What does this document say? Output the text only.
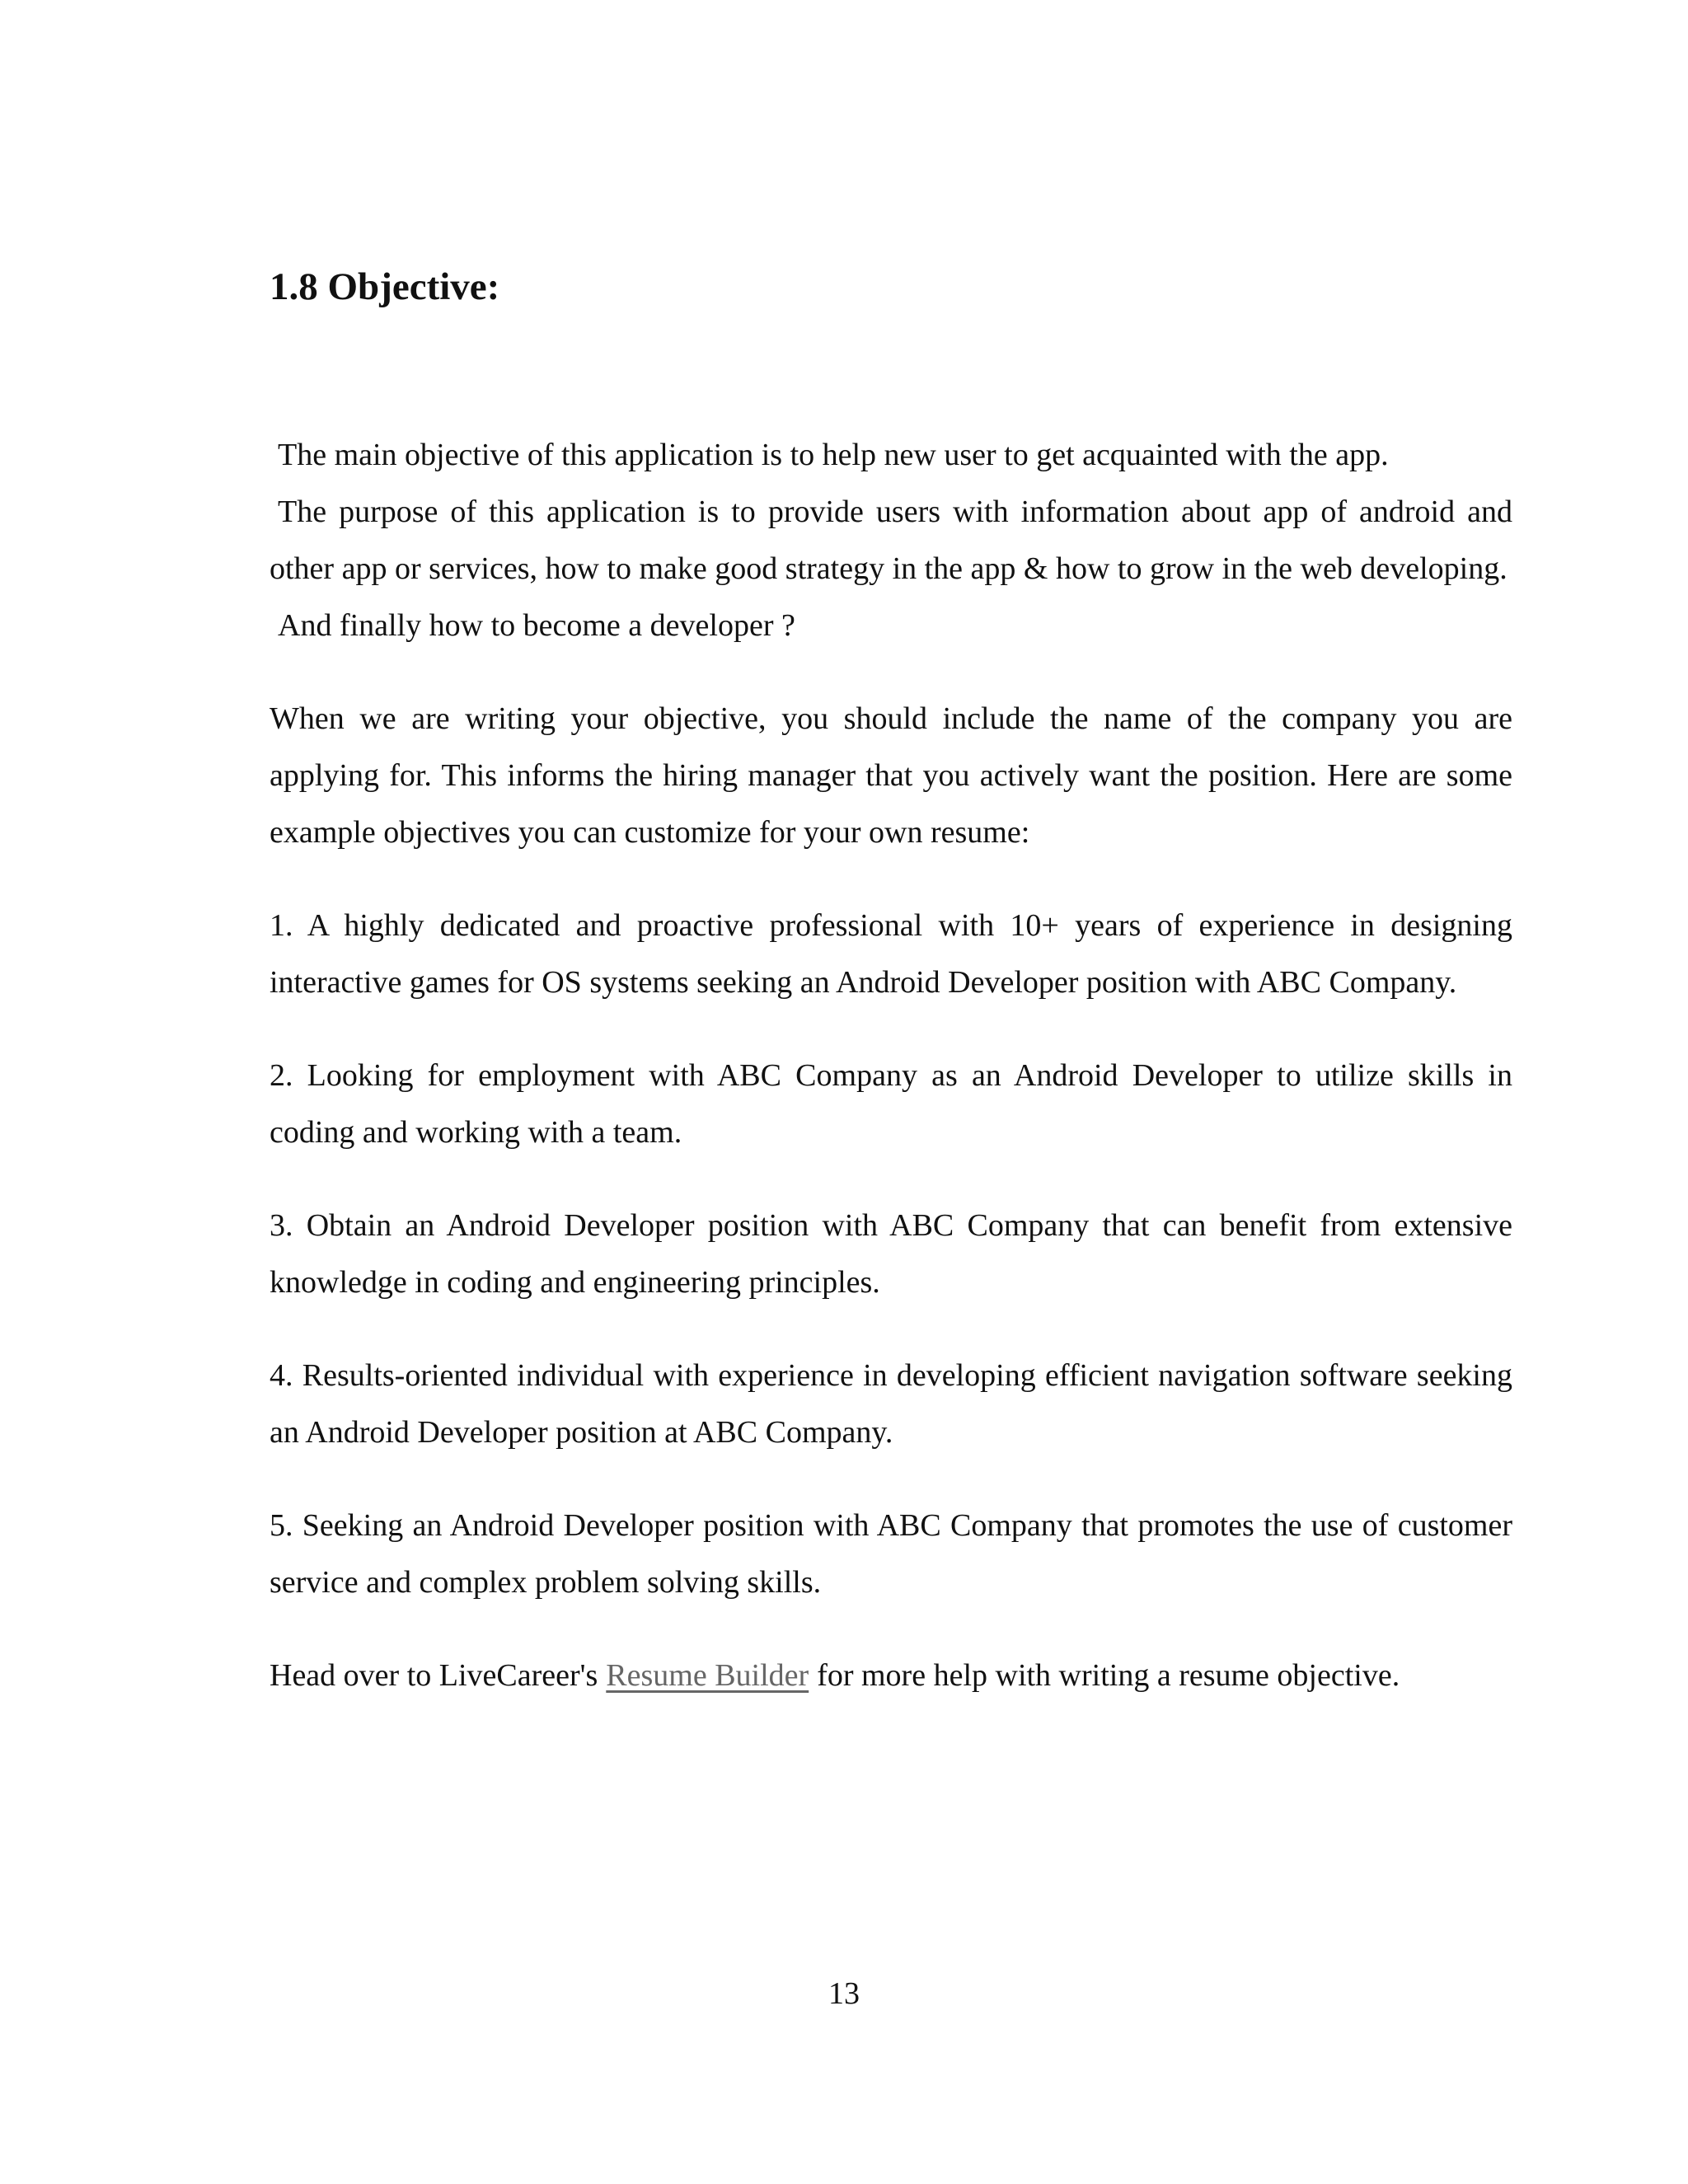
1.8 Objective:

The main objective of this application is to help new user to get acquainted with the app.

The purpose of this application is to provide users with information about app of android and other app or services, how to make good strategy in the app & how to grow in the web developing.

And finally how to become a developer ?

When we are writing your objective, you should include the name of the company you are applying for. This informs the hiring manager that you actively want the position. Here are some example objectives you can customize for your own resume:

1. A highly dedicated and proactive professional with 10+ years of experience in designing interactive games for OS systems seeking an Android Developer position with ABC Company.

2. Looking for employment with ABC Company as an Android Developer to utilize skills in coding and working with a team.

3. Obtain an Android Developer position with ABC Company that can benefit from extensive knowledge in coding and engineering principles.

4. Results-oriented individual with experience in developing efficient navigation software seeking an Android Developer position at ABC Company.

5. Seeking an Android Developer position with ABC Company that promotes the use of customer service and complex problem solving skills.

Head over to LiveCareer's Resume Builder for more help with writing a resume objective.

13
